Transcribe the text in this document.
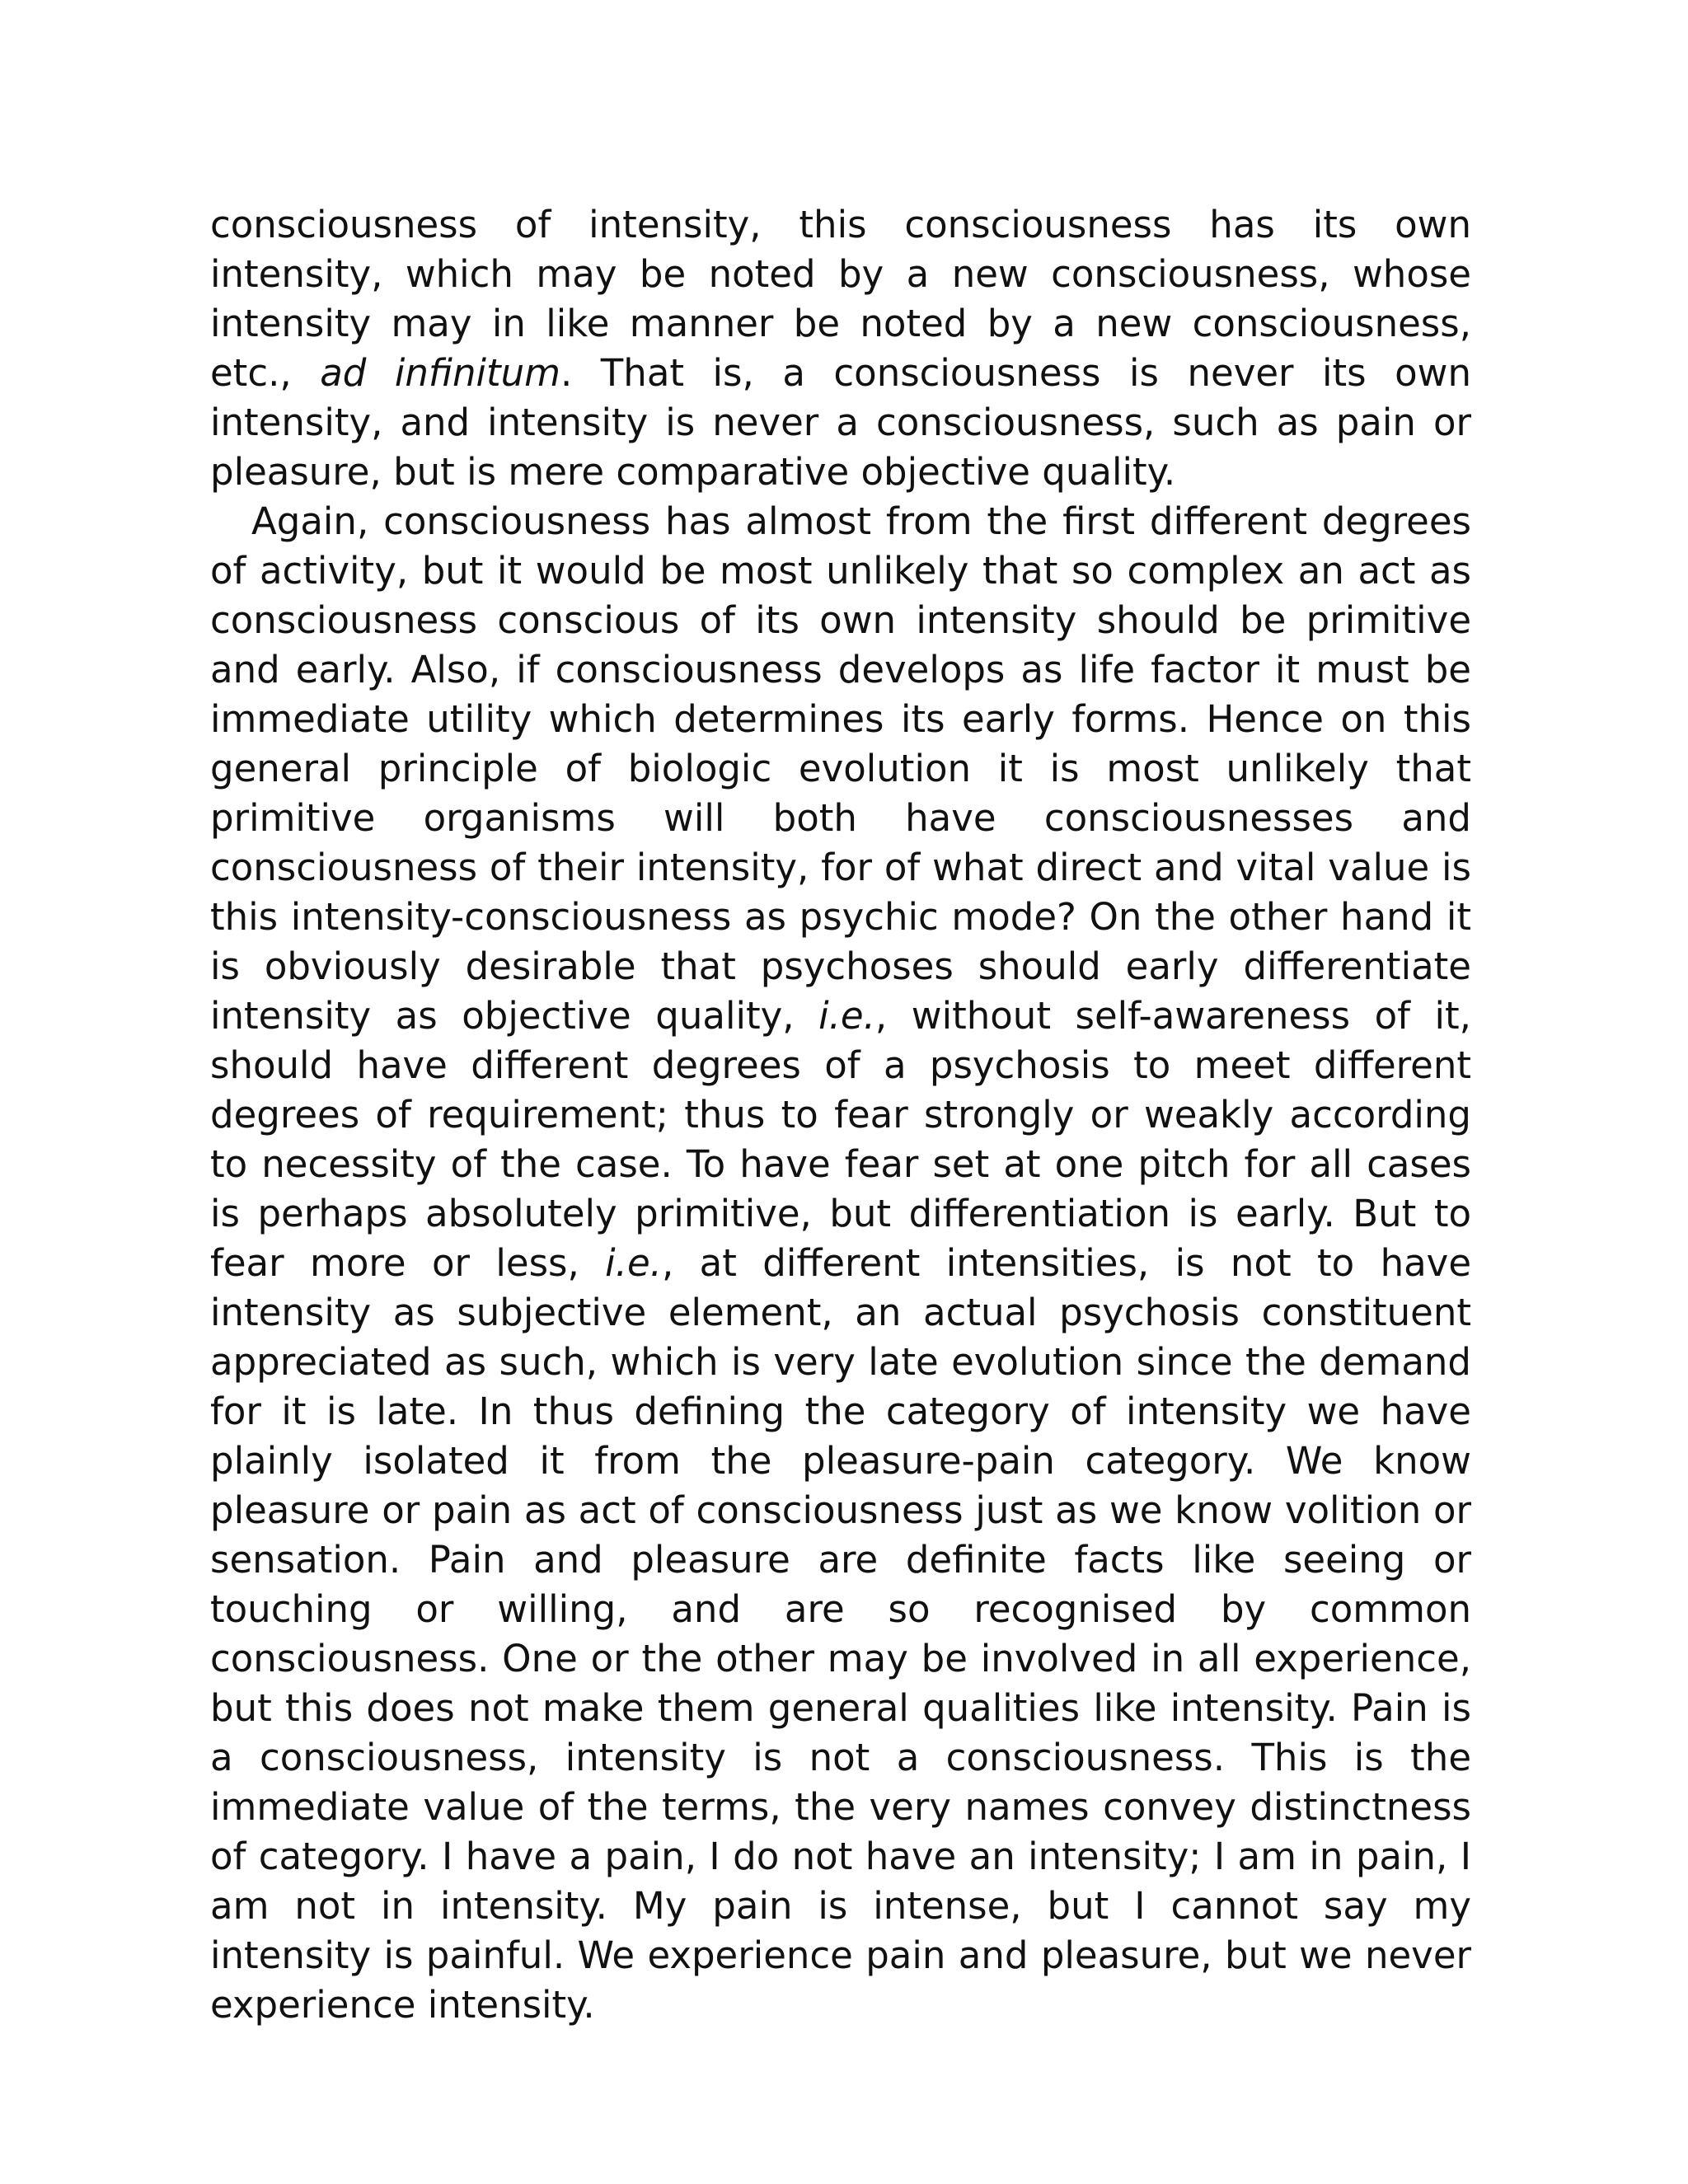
consciousness of intensity, this consciousness has its own intensity, which may be noted by a new consciousness, whose intensity may in like manner be noted by a new consciousness, etc., ad infinitum. That is, a consciousness is never its own intensity, and intensity is never a consciousness, such as pain or pleasure, but is mere comparative objective quality.

Again, consciousness has almost from the first different degrees of activity, but it would be most unlikely that so complex an act as consciousness conscious of its own intensity should be primitive and early. Also, if consciousness develops as life factor it must be immediate utility which determines its early forms. Hence on this general principle of biologic evolution it is most unlikely that primitive organisms will both have consciousnesses and consciousness of their intensity, for of what direct and vital value is this intensity-consciousness as psychic mode? On the other hand it is obviously desirable that psychoses should early differentiate intensity as objective quality, i.e., without self-awareness of it, should have different degrees of a psychosis to meet different degrees of requirement; thus to fear strongly or weakly according to necessity of the case. To have fear set at one pitch for all cases is perhaps absolutely primitive, but differentiation is early. But to fear more or less, i.e., at different intensities, is not to have intensity as subjective element, an actual psychosis constituent appreciated as such, which is very late evolution since the demand for it is late. In thus defining the category of intensity we have plainly isolated it from the pleasure-pain category. We know pleasure or pain as act of consciousness just as we know volition or sensation. Pain and pleasure are definite facts like seeing or touching or willing, and are so recognised by common consciousness. One or the other may be involved in all experience, but this does not make them general qualities like intensity. Pain is a consciousness, intensity is not a consciousness. This is the immediate value of the terms, the very names convey distinctness of category. I have a pain, I do not have an intensity; I am in pain, I am not in intensity. My pain is intense, but I cannot say my intensity is painful. We experience pain and pleasure, but we never experience intensity.
